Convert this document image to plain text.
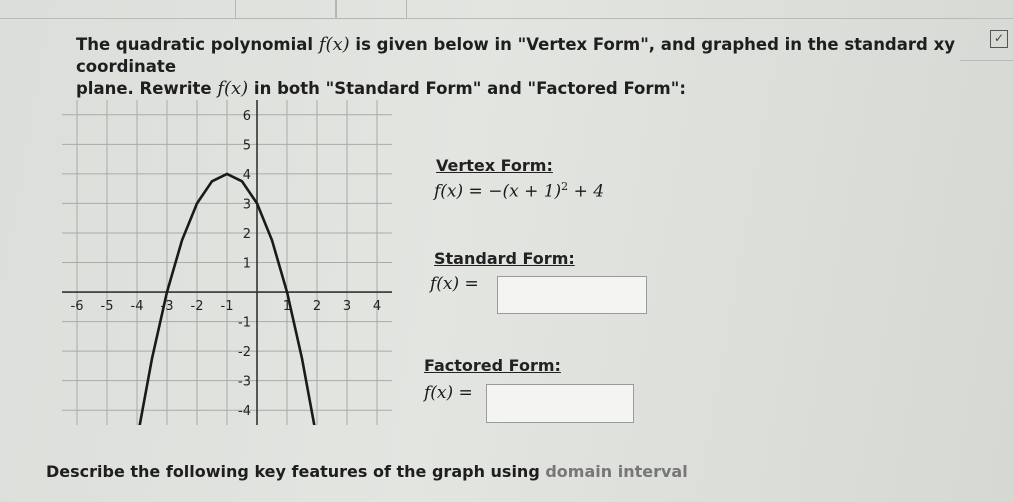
✓
The quadratic polynomial f(x) is given below in "Vertex Form", and graphed in the standard xy coordinate
plane. Rewrite f(x) in both "Standard Form" and "Factored Form":
-6 -5 -4 -3 -2 -1	1 2 3 4
6
5
4
3
2
1
-1
-2
-3
-4
Vertex Form:
$f(x) = -(x + 1)^2 + 4$
Standard Form:
f(x) =
Factored Form:
f(x) =
Describe the following key features of the graph using domain interval
